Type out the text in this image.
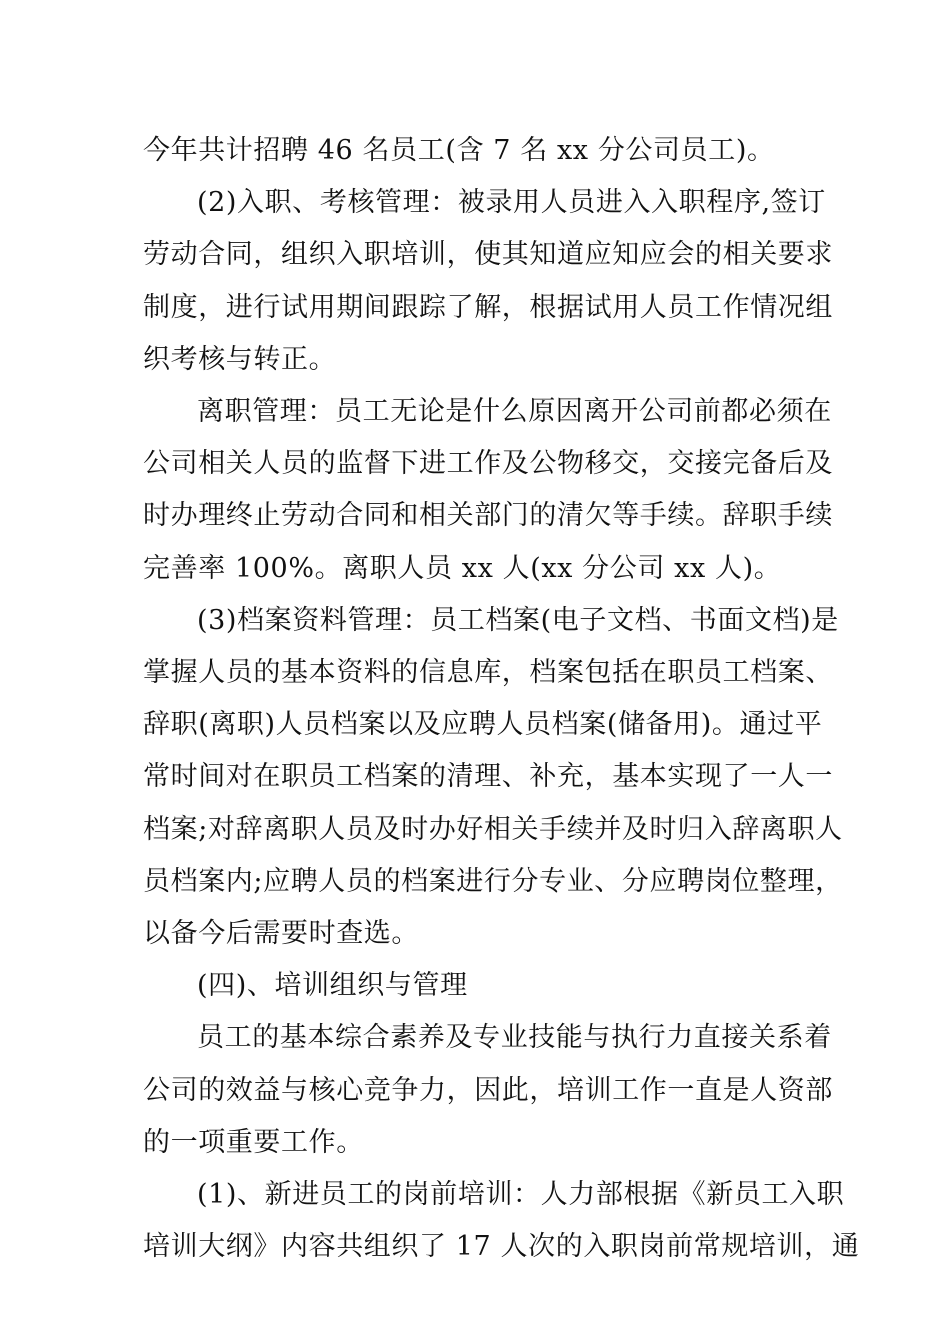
今年共计招聘 46 名员工(含 7 名 xx 分公司员工)。

(2)入职、考核管理：被录用人员进入入职程序,签订
劳动合同，组织入职培训，使其知道应知应会的相关要求
制度，进行试用期间跟踪了解，根据试用人员工作情况组
织考核与转正。

离职管理：员工无论是什么原因离开公司前都必须在
公司相关人员的监督下进工作及公物移交，交接完备后及
时办理终止劳动合同和相关部门的清欠等手续。辞职手续
完善率 100%。离职人员 xx 人(xx 分公司 xx 人)。

(3)档案资料管理：员工档案(电子文档、书面文档)是
掌握人员的基本资料的信息库，档案包括在职员工档案、
辞职(离职)人员档案以及应聘人员档案(储备用)。通过平
常时间对在职员工档案的清理、补充，基本实现了一人一
档案;对辞离职人员及时办好相关手续并及时归入辞离职人
员档案内;应聘人员的档案进行分专业、分应聘岗位整理，
以备今后需要时查选。

(四)、培训组织与管理

员工的基本综合素养及专业技能与执行力直接关系着
公司的效益与核心竞争力，因此，培训工作一直是人资部
的一项重要工作。

(1)、新进员工的岗前培训：人力部根据《新员工入职
培训大纲》内容共组织了 17 人次的入职岗前常规培训，通
